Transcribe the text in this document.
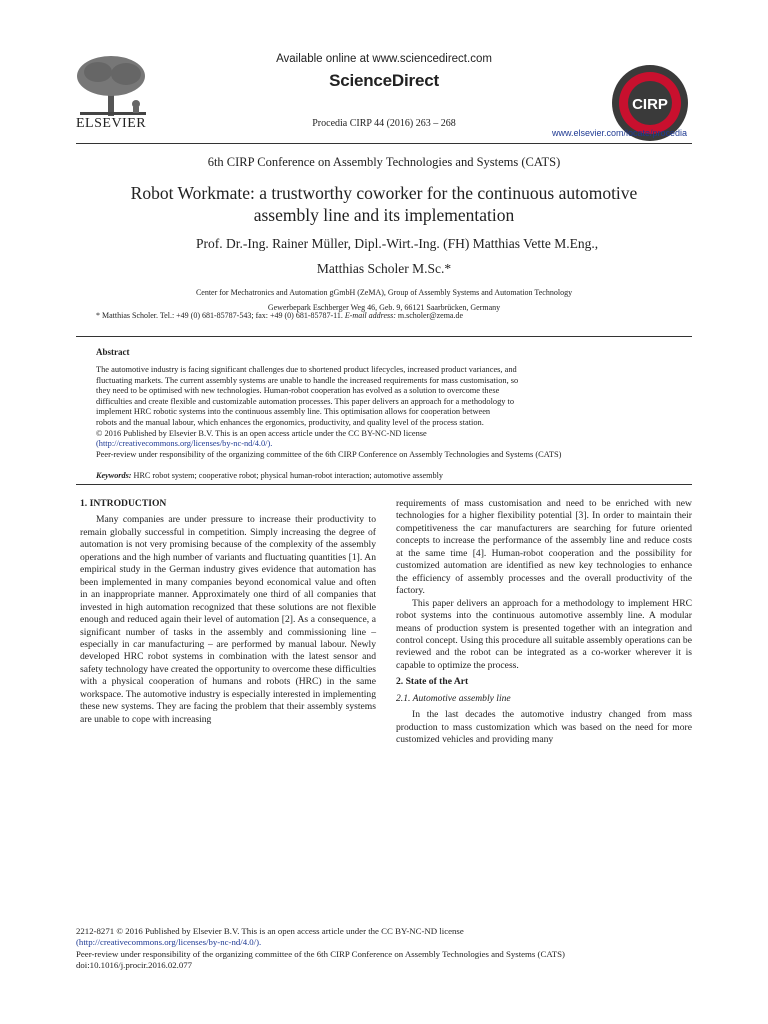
ELSEVIER
Available online at www.sciencedirect.com
ScienceDirect
Procedia CIRP 44 (2016) 263 – 268
CIRP
www.elsevier.com/locate/procedia
6th CIRP Conference on Assembly Technologies and Systems (CATS)
Robot Workmate: a trustworthy coworker for the continuous automotive
assembly line and its implementation
Prof. Dr.-Ing. Rainer Müller, Dipl.-Wirt.-Ing. (FH) Matthias Vette M.Eng.,
Matthias Scholer M.Sc.*
Center for Mechatronics and Automation gGmbH (ZeMA), Group of Assembly Systems and Automation Technology
Gewerbepark Eschberger Weg 46, Geb. 9, 66121 Saarbrücken, Germany
* Matthias Scholer. Tel.: +49 (0) 681-85787-543; fax: +49 (0) 681-85787-11. E-mail address: m.scholer@zema.de
Abstract

The automotive industry is facing significant challenges due to shortened product lifecycles, increased product variances, and

fluctuating markets. The current assembly systems are unable to handle the increased requirements for mass customisation, so

they need to be optimised with new technologies. Human-robot cooperation has evolved as a solution to overcome these

difficulties and create flexible and customizable automation processes. This paper delivers an approach for a methodology to

implement HRC robotic systems into the continuous assembly line. This optimisation allows for cooperation between

robots and the manual labour, which enhances the ergonomics, productivity, and quality level of the process station.

© 2016 Published by Elsevier B.V. This is an open access article under the CC BY-NC-ND license

(http://creativecommons.org/licenses/by-nc-nd/4.0/).

Peer-review under responsibility of the organizing committee of the 6th CIRP Conference on Assembly Technologies and Systems (CATS)

Keywords: HRC robot system; cooperative robot; physical human-robot interaction; automotive assembly

1. INTRODUCTION

Many companies are under pressure to increase their productivity to remain globally successful in competition. Simply increasing the degree of automation is not very promising because of the complexity of the assembly operations and the high number of variants and fluctuating quantities [1]. An empirical study in the German industry gives evidence that automation has been implemented in many companies beyond economical value and often in an inappropriate manner. Approximately one third of all companies that invested in high automation recognized that these solutions are not flexible enough and reduced again their level of automation [2]. As a consequence, a significant number of tasks in the assembly and commissioning line – especially in car manufacturing – are performed by manual labour. Newly developed HRC robot systems in combination with the latest sensor and safety technology have created the opportunity to overcome these difficulties with a physical cooperation of humans and robots (HRC) in the same workspace. The automotive industry is especially interested in implementing these new systems. They are facing the problem that their assembly systems are unable to cope with increasing

requirements of mass customisation and need to be enriched with new technologies for a higher flexibility potential [3]. In order to maintain their competitiveness the car manufacturers are searching for future oriented concepts to increase the performance of the assembly line and reduce costs at the same time [4]. Human-robot cooperation and the possibility for customized automation are identified as new key technologies to enhance the efficiency of assembly processes and the overall productivity of the factory.

This paper delivers an approach for a methodology to implement HRC robot systems into the continuous automotive assembly line. A modular means of production system is presented together with an integration and control concept. Using this procedure all suitable assembly operations can be reviewed and the robot can be integrated as a co-worker wherever it is capable to optimize the process.

2. State of the Art

2.1. Automotive assembly line

In the last decades the automotive industry changed from mass production to mass customization which was based on the need for more customized vehicles and providing many

2212-8271 © 2016 Published by Elsevier B.V. This is an open access article under the CC BY-NC-ND license

(http://creativecommons.org/licenses/by-nc-nd/4.0/).

Peer-review under responsibility of the organizing committee of the 6th CIRP Conference on Assembly Technologies and Systems (CATS)

doi:10.1016/j.procir.2016.02.077
